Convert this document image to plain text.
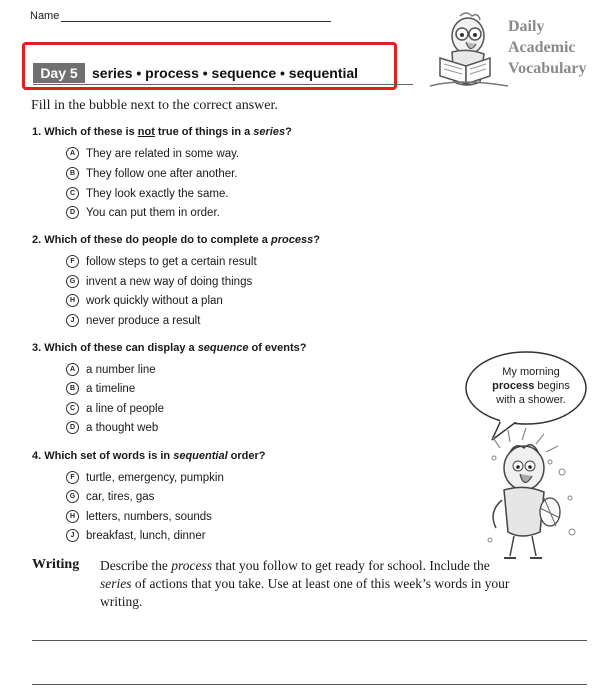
Name
Day 5	series • process • sequence • sequential
Daily
Academic
Vocabulary
Fill in the bubble next to the correct answer.
1. Which of these is not true of things in a series?
A They are related in some way.
B They follow one after another.
C They look exactly the same.
D You can put them in order.
2. Which of these do people do to complete a process?
F follow steps to get a certain result
G invent a new way of doing things
H work quickly without a plan
J	never produce a result
3. Which of these can display a sequence of events?
A a number line
B a timeline
C a line of people
D a thought web
4. Which set of words is in sequential order?
F turtle, emergency, pumpkin
G car, tires, gas
H letters, numbers, sounds
J	breakfast, lunch, dinner
My morning
process begins
with a shower.
Writing Describe the process that you follow to get ready for school. Include the series of actions that you take. Use at least one of this week’s words in your writing.
